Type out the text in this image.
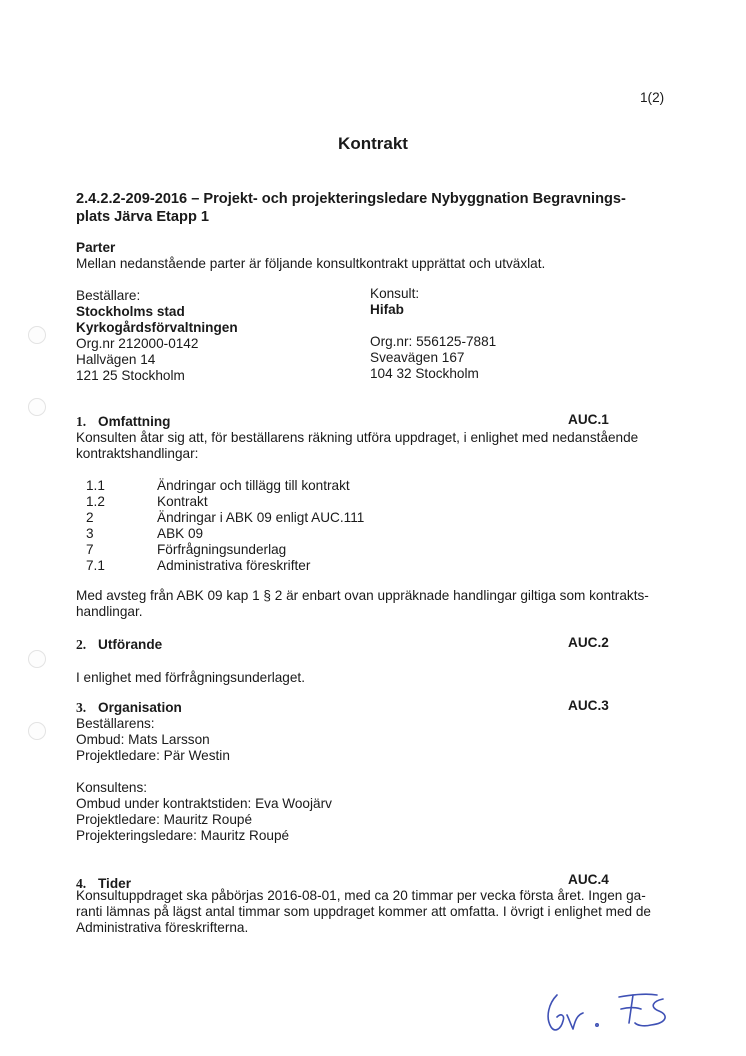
1(2)
Kontrakt
2.4.2.2-209-2016 – Projekt- och projekteringsledare Nybyggnation Begravnings-
plats Järva Etapp 1
Parter
Mellan nedanstående parter är följande konsultkontrakt upprättat och utväxlat.
Beställare:
Stockholms stad
Kyrkogårdsförvaltningen
Org.nr 212000-0142
Hallvägen 14
121 25 Stockholm
Konsult:
Hifab
Org.nr: 556125-7881
Sveavägen 167
104 32 Stockholm
1. Omfattning	AUC.1
Konsulten åtar sig att, för beställarens räkning utföra uppdraget, i enlighet med nedanstående
kontraktshandlingar:
1.1	Ändringar och tillägg till kontrakt
1.2	Kontrakt
2	Ändringar i ABK 09 enligt AUC.111
3	ABK 09
7	Förfrågningsunderlag
7.1	Administrativa föreskrifter
Med avsteg från ABK 09 kap 1 § 2 är enbart ovan uppräknade handlingar giltiga som kontrakts-
handlingar.
2. Utförande	AUC.2
I enlighet med förfrågningsunderlaget.
3. Organisation	AUC.3
Beställarens:
Ombud: Mats Larsson
Projektledare: Pär Westin
Konsultens:
Ombud under kontraktstiden: Eva Woojärv
Projektledare: Mauritz Roupé
Projekteringsledare: Mauritz Roupé
4. Tider	AUC.4
Konsultuppdraget ska påbörjas 2016-08-01, med ca 20 timmar per vecka första året. Ingen ga-
ranti lämnas på lägst antal timmar som uppdraget kommer att omfatta. I övrigt i enlighet med de
Administrativa föreskrifterna.
